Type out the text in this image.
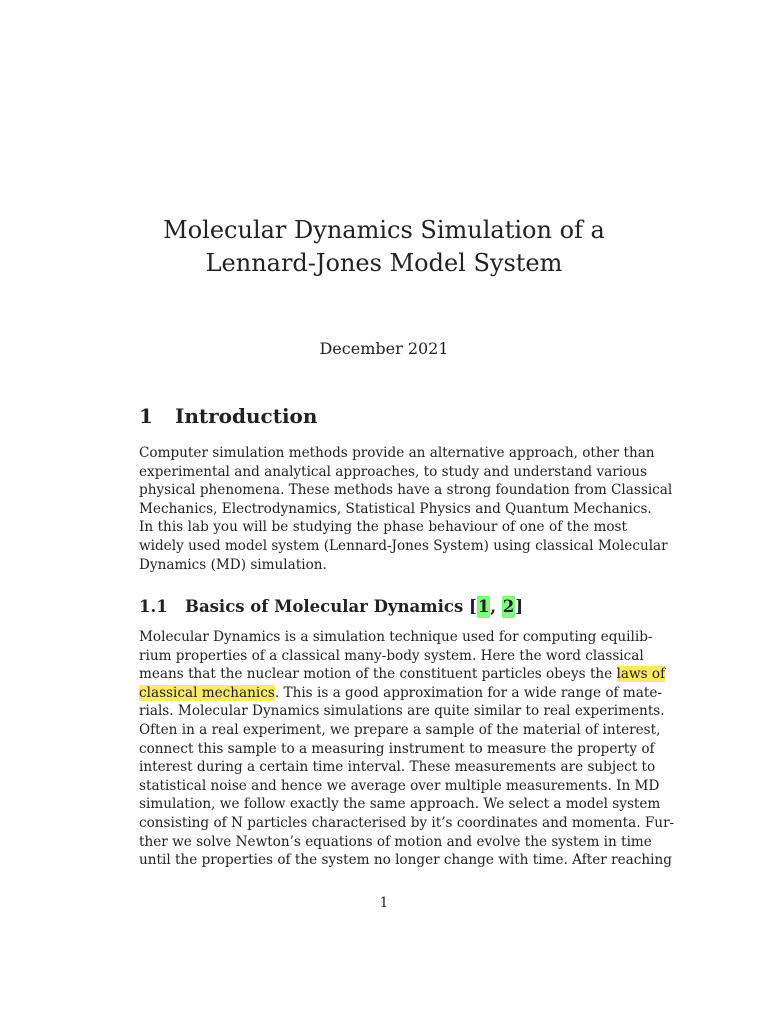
Molecular Dynamics Simulation of a

Lennard-Jones Model System

December 2021
1 Introduction
Computer simulation methods provide an alternative approach, other than
experimental and analytical approaches, to study and understand various
physical phenomena. These methods have a strong foundation from Classical
Mechanics, Electrodynamics, Statistical Physics and Quantum Mechanics.
In this lab you will be studying the phase behaviour of one of the most
widely used model system (Lennard-Jones System) using classical Molecular
Dynamics (MD) simulation.
1.1 Basics of Molecular Dynamics [1, 2]
Molecular Dynamics is a simulation technique used for computing equilib-
rium properties of a classical many-body system. Here the word classical
means that the nuclear motion of the constituent particles obeys the laws of
classical mechanics. This is a good approximation for a wide range of mate-
rials. Molecular Dynamics simulations are quite similar to real experiments.
Often in a real experiment, we prepare a sample of the material of interest,
connect this sample to a measuring instrument to measure the property of
interest during a certain time interval. These measurements are subject to
statistical noise and hence we average over multiple measurements. In MD
simulation, we follow exactly the same approach. We select a model system
consisting of N particles characterised by it’s coordinates and momenta. Fur-
ther we solve Newton’s equations of motion and evolve the system in time
until the properties of the system no longer change with time. After reaching
1
